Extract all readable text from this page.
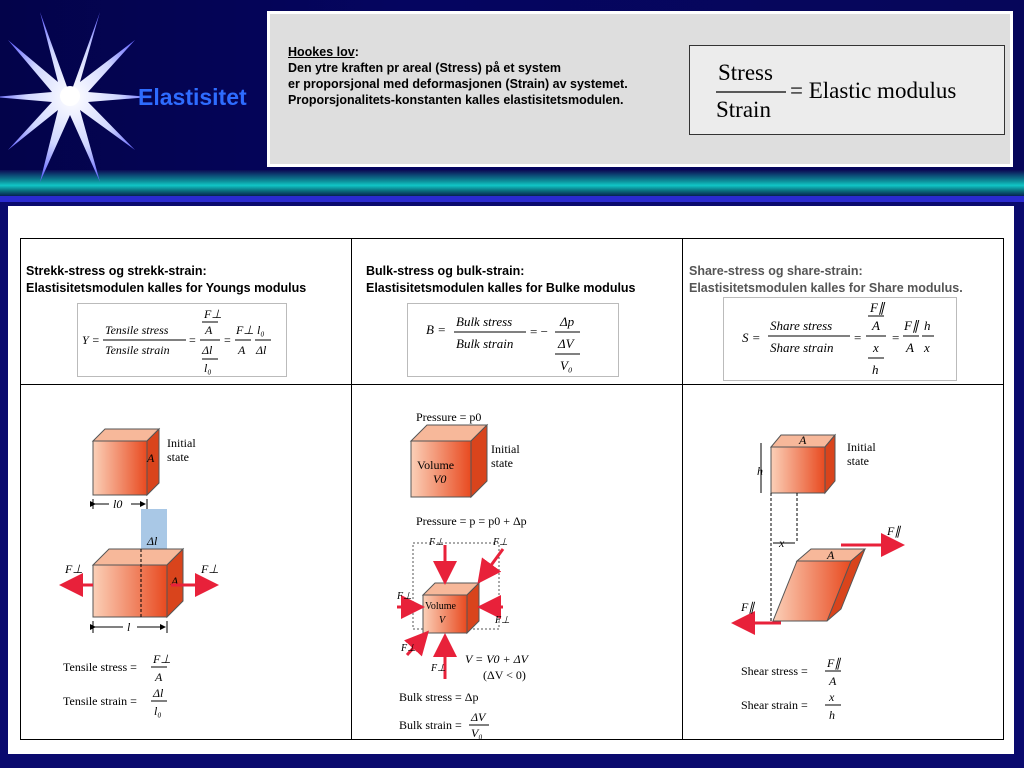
Elastisitet
Hookes lov:
Den ytre kraften pr areal (Stress) på et system
er proporsjonal med deformasjonen (Strain) av systemet.
Proporsjonalitets-konstanten kalles elastisitetsmodulen.
Stress
Strain
= Elastic modulus
Strekk-stress og strekk-strain:
Elastisitetsmodulen kalles for Youngs modulus
Bulk-stress og bulk-strain:
Elastisitetsmodulen kalles for Bulke modulus
Share-stress og share-strain:
Elastisitetsmodulen kalles for Share modulus.
Y =
Tensile stress
Tensile strain
=
F⊥
A
Δl
l₀
=
F⊥
A
l₀
Δl
B =
Bulk stress
Bulk strain
= −
Δp
ΔV
V₀
S =
Share stress
Share strain
=
F∥
A
x
h
=
F∥
A
h
x
A
Initial
state
l0
Δl
A
F⊥	F⊥
l
Tensile stress =
F⊥
A
Tensile strain =
Δl
l₀
Pressure = p0
Volume
V0
Initial
state
Pressure = p = p0 + Δp
Volume
V
F⊥	F⊥
F⊥
F⊥
F⊥
F⊥
V = V0 + ΔV
(ΔV < 0)
Bulk stress = Δp
Bulk strain =
ΔV
V₀
A	Initial
state
h
x
A
F∥
F∥
Shear stress =
F∥
A
Shear strain =
x
h
